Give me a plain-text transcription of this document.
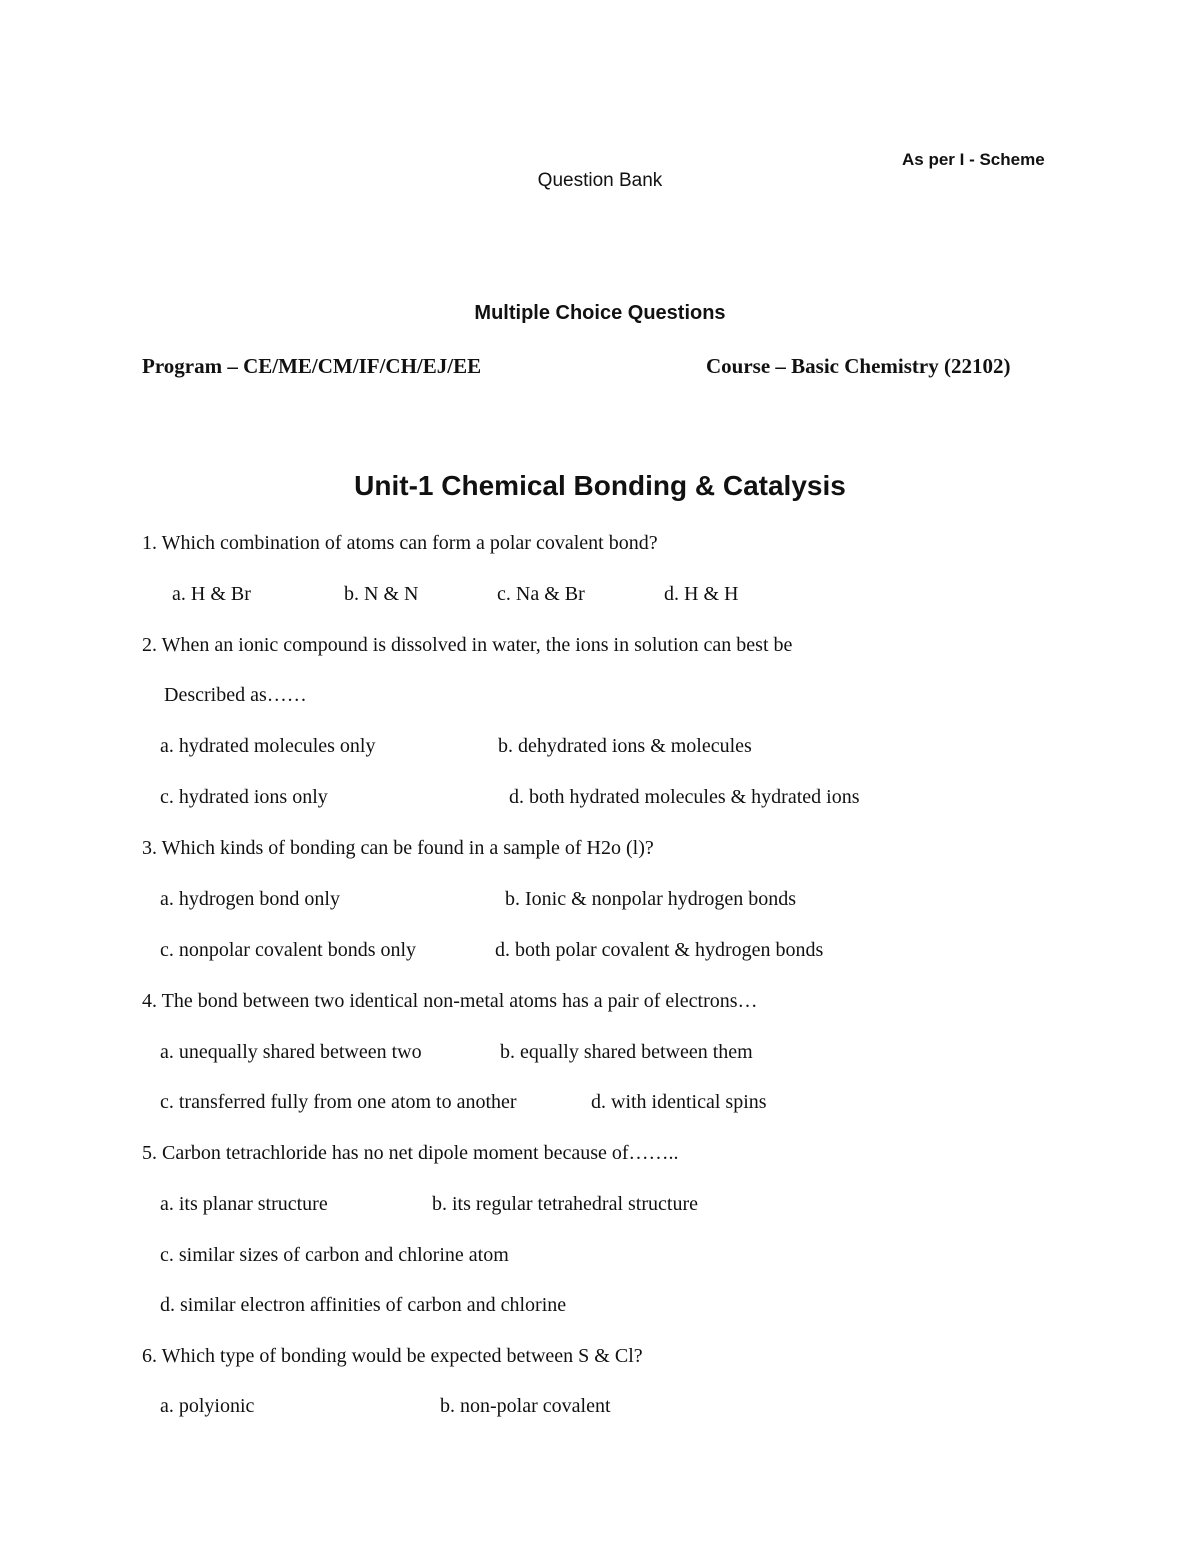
As per I - Scheme
Question Bank
Multiple Choice Questions
Program – CE/ME/CM/IF/CH/EJ/EE	Course – Basic Chemistry (22102)
Unit-1 Chemical Bonding & Catalysis
1. Which combination of atoms can form a polar covalent bond?
a. H & Br	b. N & N	c. Na & Br	d. H & H
2. When an ionic compound is dissolved in water, the ions in solution can best be
Described as……
a. hydrated molecules only	b. dehydrated ions & molecules
c. hydrated ions only	d. both hydrated molecules & hydrated ions
3. Which kinds of bonding can be found in a sample of H2o (l)?
a. hydrogen bond only	b. Ionic & nonpolar hydrogen bonds
c. nonpolar covalent bonds only	d. both polar covalent & hydrogen bonds
4. The bond between two identical non-metal atoms has a pair of electrons…
a. unequally shared between two	b. equally shared between them
c. transferred fully from one atom to another	d. with identical spins
5. Carbon tetrachloride has no net dipole moment because of……..
a. its planar structure	b. its regular tetrahedral structure
c. similar sizes of carbon and chlorine atom
d. similar electron affinities of carbon and chlorine
6. Which type of bonding would be expected between S & Cl?
a. polyionic	b. non-polar covalent
